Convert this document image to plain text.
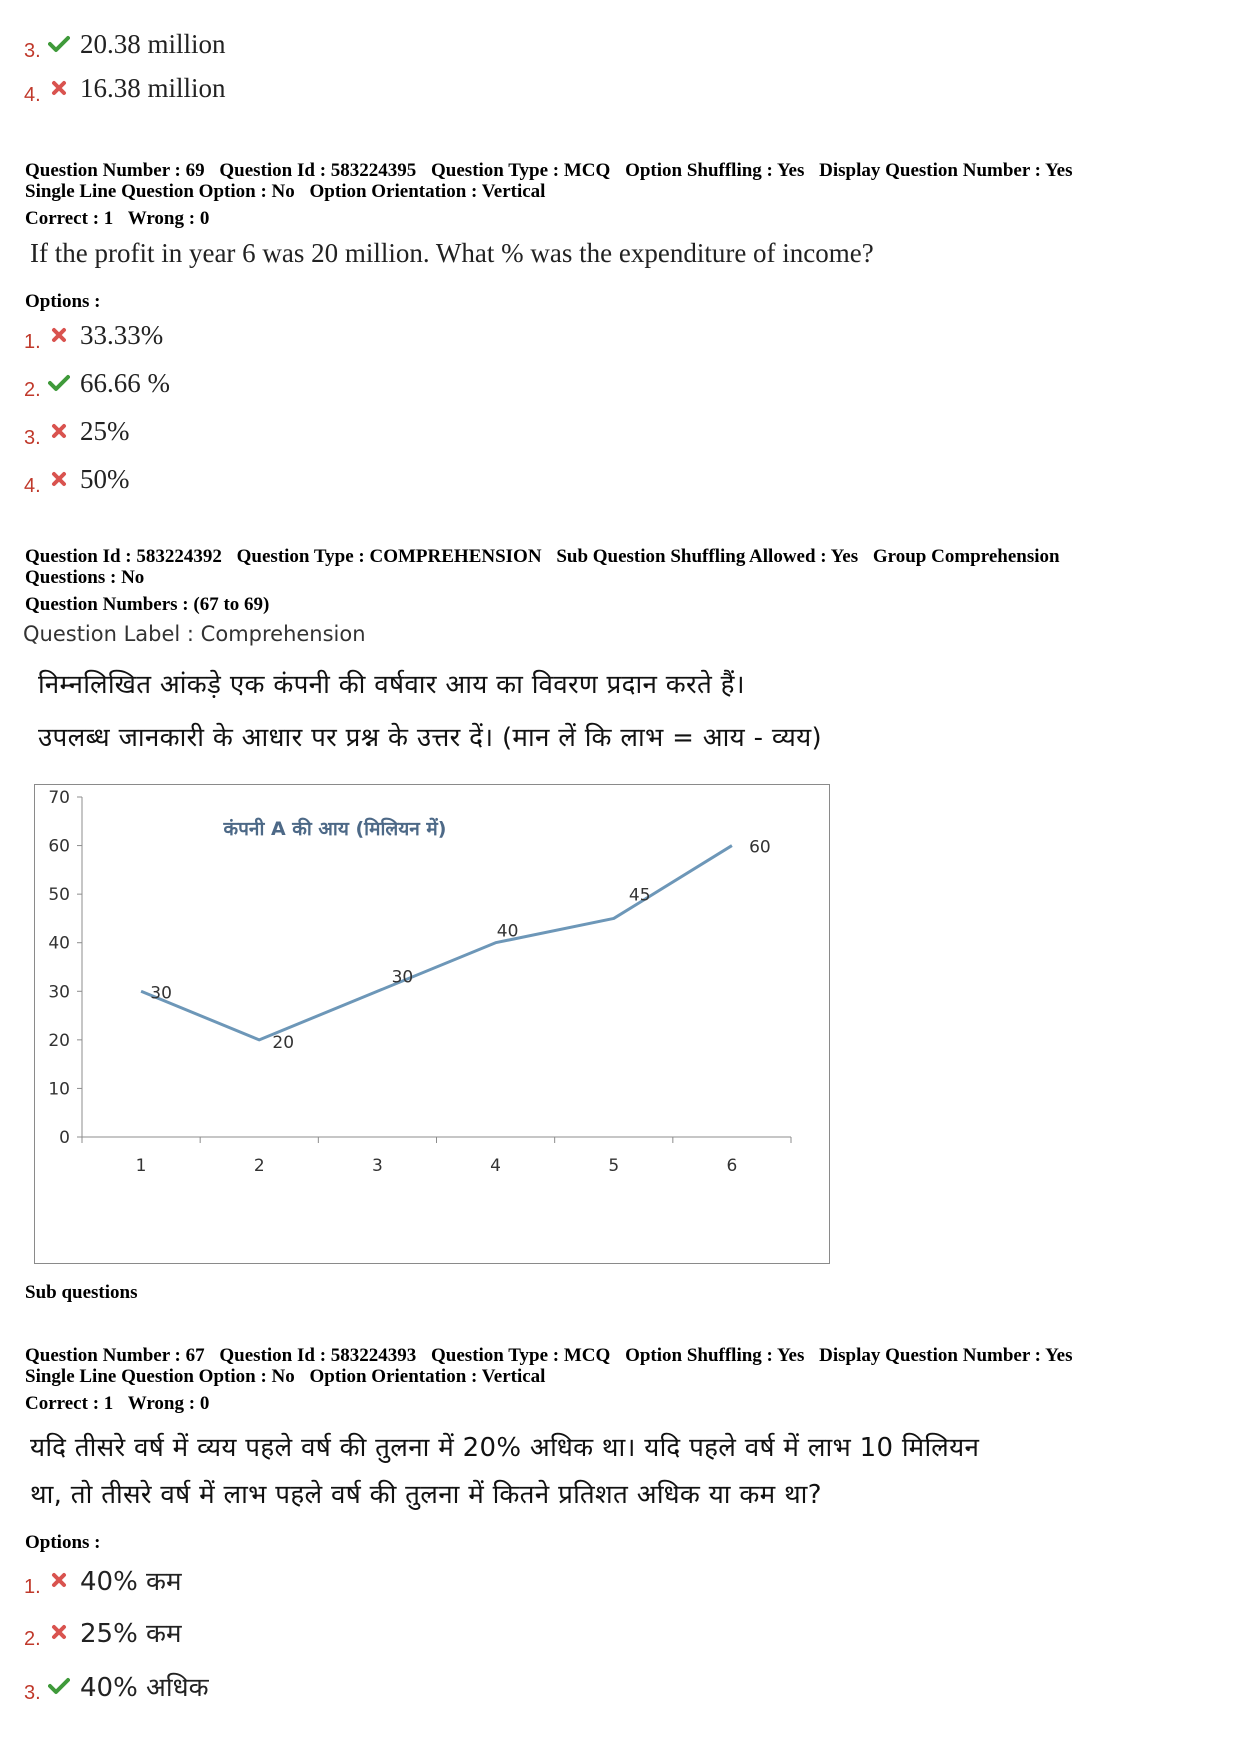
3. 20.38 million
4. 16.38 million
Question Number : 69 Question Id : 583224395 Question Type : MCQ Option Shuffling : Yes Display Question Number : Yes
Single Line Question Option : No Option Orientation : Vertical
Correct : 1 Wrong : 0
If the profit in year 6 was 20 million. What % was the expenditure of income?
Options :
1. 33.33%
2. 66.66 %
3. 25%
4. 50%
Question Id : 583224392 Question Type : COMPREHENSION Sub Question Shuffling Allowed : Yes Group Comprehension
Questions : No
Question Numbers : (67 to 69)
Question Label : Comprehension
निम्नलिखित आंकड़े एक कंपनी की वर्षवार आय का विवरण प्रदान करते हैं।
उपलब्ध जानकारी के आधार पर प्रश्न के उत्तर दें। (मान लें कि लाभ = आय - व्यय)
0
10
20
30
40
50
60
70
1	2	3	4	5	6
कंपनी A की आय (मिलियन में)
30
20
30
40
45
60
Sub questions
Question Number : 67 Question Id : 583224393 Question Type : MCQ Option Shuffling : Yes Display Question Number : Yes
Single Line Question Option : No Option Orientation : Vertical
Correct : 1 Wrong : 0
यदि तीसरे वर्ष में व्यय पहले वर्ष की तुलना में 20% अधिक था। यदि पहले वर्ष में लाभ 10 मिलियन
था, तो तीसरे वर्ष में लाभ पहले वर्ष की तुलना में कितने प्रतिशत अधिक या कम था?
Options :
1. 40% कम
2. 25% कम
3. 40% अधिक
